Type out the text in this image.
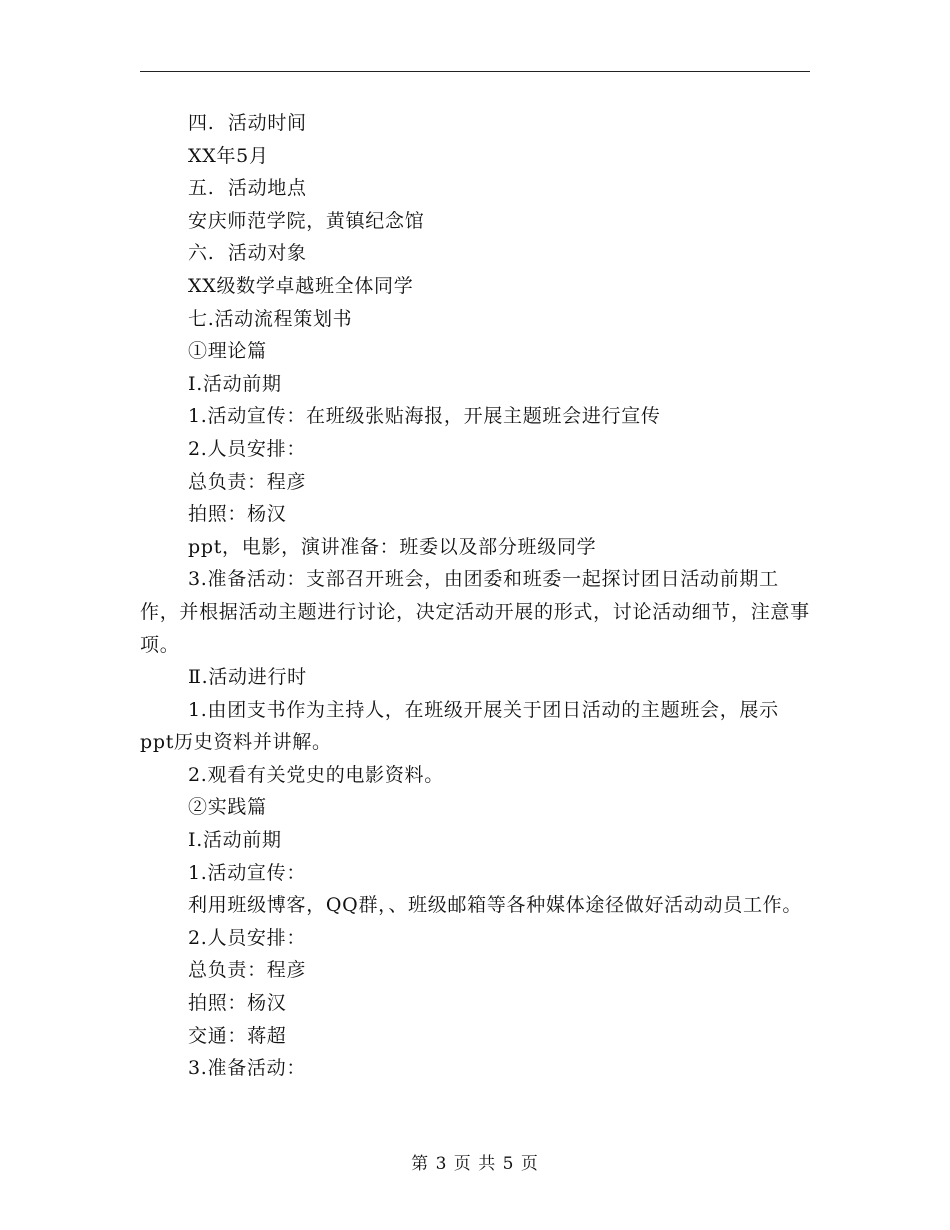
四.  活动时间

XX年5月

五.  活动地点

安庆师范学院，黄镇纪念馆

六.  活动对象

XX级数学卓越班全体同学

七.活动流程策划书

①理论篇

Ⅰ.活动前期

1.活动宣传：在班级张贴海报，开展主题班会进行宣传

2.人员安排：

总负责：程彦

拍照：杨汉

ppt，电影，演讲准备：班委以及部分班级同学

3.准备活动：支部召开班会，由团委和班委一起探讨团日活动前期工作，并根据活动主题进行讨论，决定活动开展的形式，讨论活动细节，注意事项。

Ⅱ.活动进行时

1.由团支书作为主持人，在班级开展关于团日活动的主题班会，展示ppt历史资料并讲解。

2.观看有关党史的电影资料。

②实践篇

Ⅰ.活动前期

1.活动宣传：

利用班级博客，QQ群，、班级邮箱等各种媒体途径做好活动动员工作。

2.人员安排：

总负责：程彦

拍照：杨汉

交通：蒋超

3.准备活动：

第 3 页 共 5 页
